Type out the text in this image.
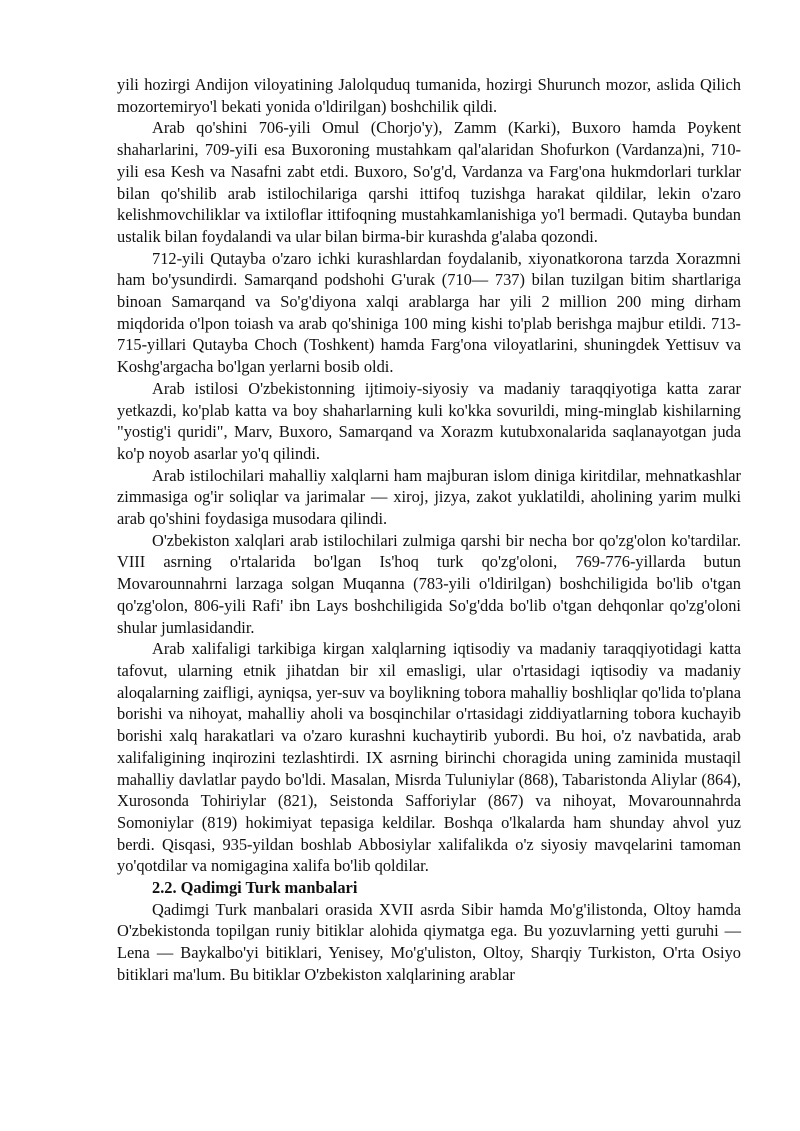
yili hozirgi Andijon viloyatining Jalolquduq tumanida, hozirgi Shurunch mozor, aslida Qilich mozortemiryo'l bekati yonida o'ldirilgan) boshchilik qildi.

Arab qo'shini 706-yili Omul (Chorjo'y), Zamm (Karki), Buxoro hamda Poykent shaharlarini, 709-yiIi esa Buxoroning mustahkam qal'alaridan Shofurkon (Vardanza)ni, 710-yili esa Kesh va Nasafni zabt etdi. Buxoro, So'g'd, Vardanza va Farg'ona hukmdorlari turklar bilan qo'shilib arab istilochilariga qarshi ittifoq tuzishga harakat qildilar, lekin o'zaro kelishmovchiliklar va ixtiloflar ittifoqning mustahkamlanishiga yo'l bermadi. Qutayba bundan ustalik bilan foydalandi va ular bilan birma-bir kurashda g'alaba qozondi.

712-yili Qutayba o'zaro ichki kurashlardan foydalanib, xiyonatkorona tarzda Xorazmni ham bo'ysundirdi. Samarqand podshohi G'urak (710— 737) bilan tuzilgan bitim shartlariga binoan Samarqand va So'g'diyona xalqi arablarga har yili 2 million 200 ming dirham miqdorida o'lpon toiash va arab qo'shiniga 100 ming kishi to'plab berishga majbur etildi. 713-715-yillari Qutayba Choch (Toshkent) hamda Farg'ona viloyatlarini, shuningdek Yettisuv va Koshg'argacha bo'lgan yerlarni bosib oldi.

Arab istilosi O'zbekistonning ijtimoiy-siyosiy va madaniy taraqqiyotiga katta zarar yetkazdi, ko'plab katta va boy shaharlarning kuli ko'kka sovurildi, ming-minglab kishilarning "yostig'i quridi", Marv, Buxoro, Samarqand va Xorazm kutubxonalarida saqlanayotgan juda ko'p noyob asarlar yo'q qilindi.

Arab istilochilari mahalliy xalqlarni ham majburan islom diniga kiritdilar, mehnatkashlar zimmasiga og'ir soliqlar va jarimalar — xiroj, jizya, zakot yuklatildi, aholining yarim mulki arab qo'shini foydasiga musodara qilindi.

O'zbekiston xalqlari arab istilochilari zulmiga qarshi bir necha bor qo'zg'olon ko'tardilar. VIII asrning o'rtalarida bo'lgan Is'hoq turk qo'zg'oloni, 769-776-yillarda butun Movarounnahrni larzaga solgan Muqanna (783-yili o'ldirilgan) boshchiligida bo'lib o'tgan qo'zg'olon, 806-yili Rafi' ibn Lays boshchiligida So'g'dda bo'lib o'tgan dehqonlar qo'zg'oloni shular jumlasidandir.

Arab xalifaligi tarkibiga kirgan xalqlarning iqtisodiy va madaniy taraqqiyotidagi katta tafovut, ularning etnik jihatdan bir xil emasligi, ular o'rtasidagi iqtisodiy va madaniy aloqalarning zaifligi, ayniqsa, yer-suv va boylikning tobora mahalliy boshliqlar qo'lida to'plana borishi va nihoyat, mahalliy aholi va bosqinchilar o'rtasidagi ziddiyatlarning tobora kuchayib borishi xalq harakatlari va o'zaro kurashni kuchaytirib yubordi. Bu hoi, o'z navbatida, arab xalifaligining inqirozini tezlashtirdi. IX asrning birinchi choragida uning zaminida mustaqil mahalliy davlatlar paydo bo'ldi. Masalan, Misrda Tuluniylar (868), Tabaristonda Aliylar (864), Xurosonda Tohiriylar (821), Seistonda Safforiylar (867) va nihoyat, Movarounnahrda Somoniylar (819) hokimiyat tepasiga keldilar. Boshqa o'lkalarda ham shunday ahvol yuz berdi. Qisqasi, 935-yildan boshlab Abbosiylar xalifalikda o'z siyosiy mavqelarini tamoman yo'qotdilar va nomigagina xalifa bo'lib qoldilar.

2.2. Qadimgi Turk manbalari

Qadimgi Turk manbalari orasida XVII asrda Sibir hamda Mo'g'ilistonda, Oltoy hamda O'zbekistonda topilgan runiy bitiklar alohida qiymatga ega. Bu yozuvlarning yetti guruhi — Lena — Baykalbo'yi bitiklari, Yenisey, Mo'g'uliston, Oltoy, Sharqiy Turkiston, O'rta Osiyo bitiklari ma'lum. Bu bitiklar O'zbekiston xalqlarining arablar
